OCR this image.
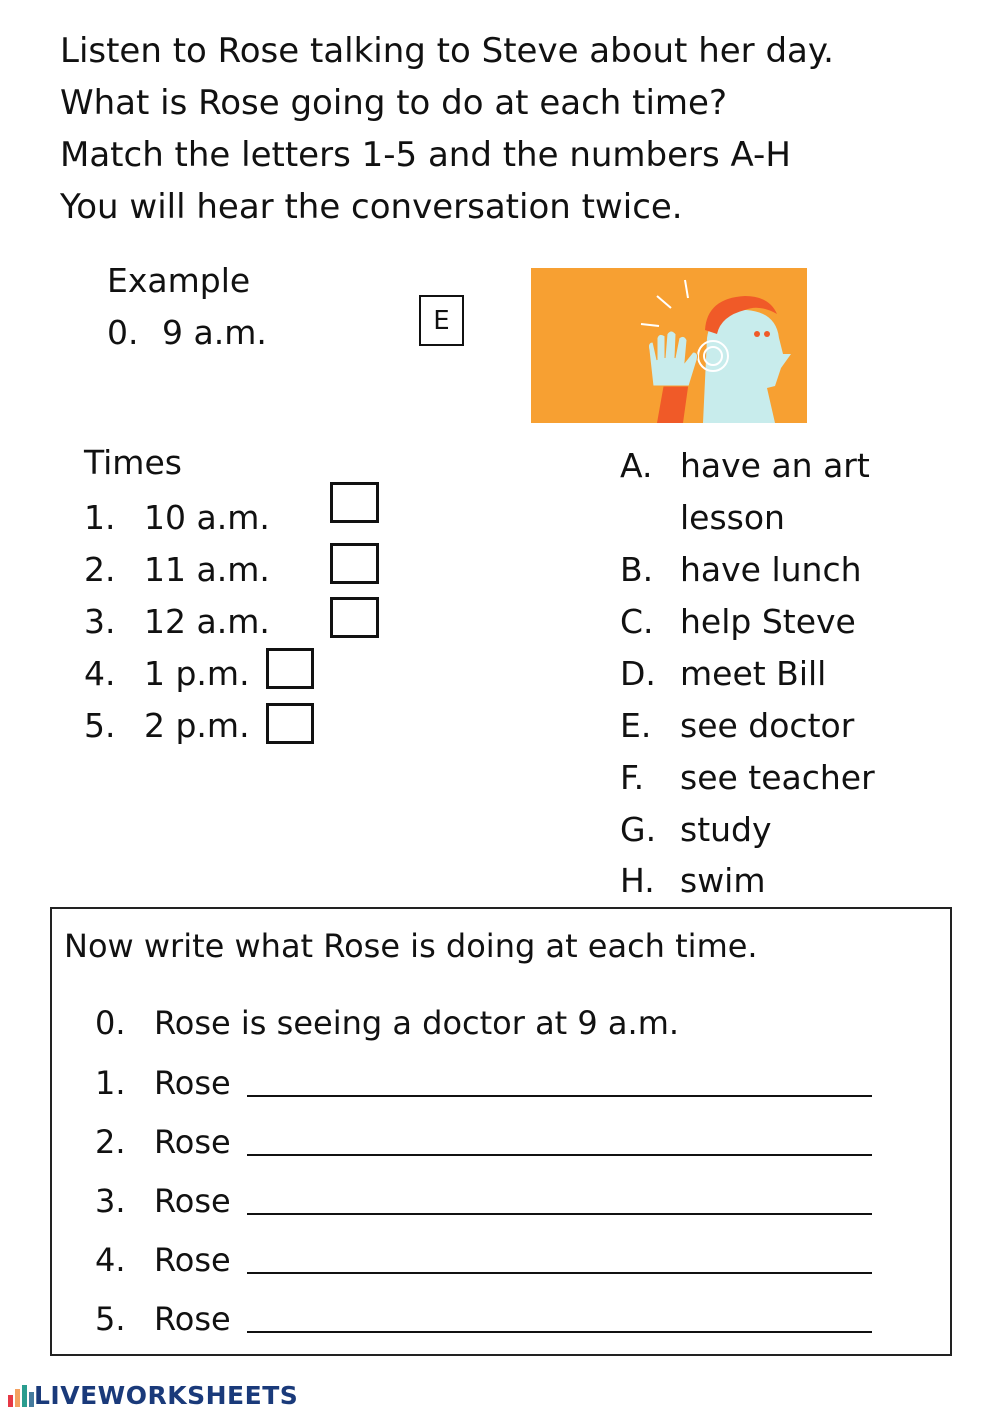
Listen to Rose talking to Steve about her day.
What is Rose going to do at each time?
Match the letters 1-5 and the numbers A-H
You will hear the conversation twice.
Example
0. 9 a.m.	E
Times
1. 10 a.m.
2. 11 a.m.
3. 12 a.m.
4. 1 p.m.
5. 2 p.m.
A. have an art
lesson
B. have lunch
C. help Steve
D. meet Bill
E. see doctor
F. see teacher
G. study
H. swim
Now write what Rose is doing at each time.
0. Rose is seeing a doctor at 9 a.m.
1. Rose
2. Rose
3. Rose
4. Rose
5. Rose
LIVEWORKSHEETS
